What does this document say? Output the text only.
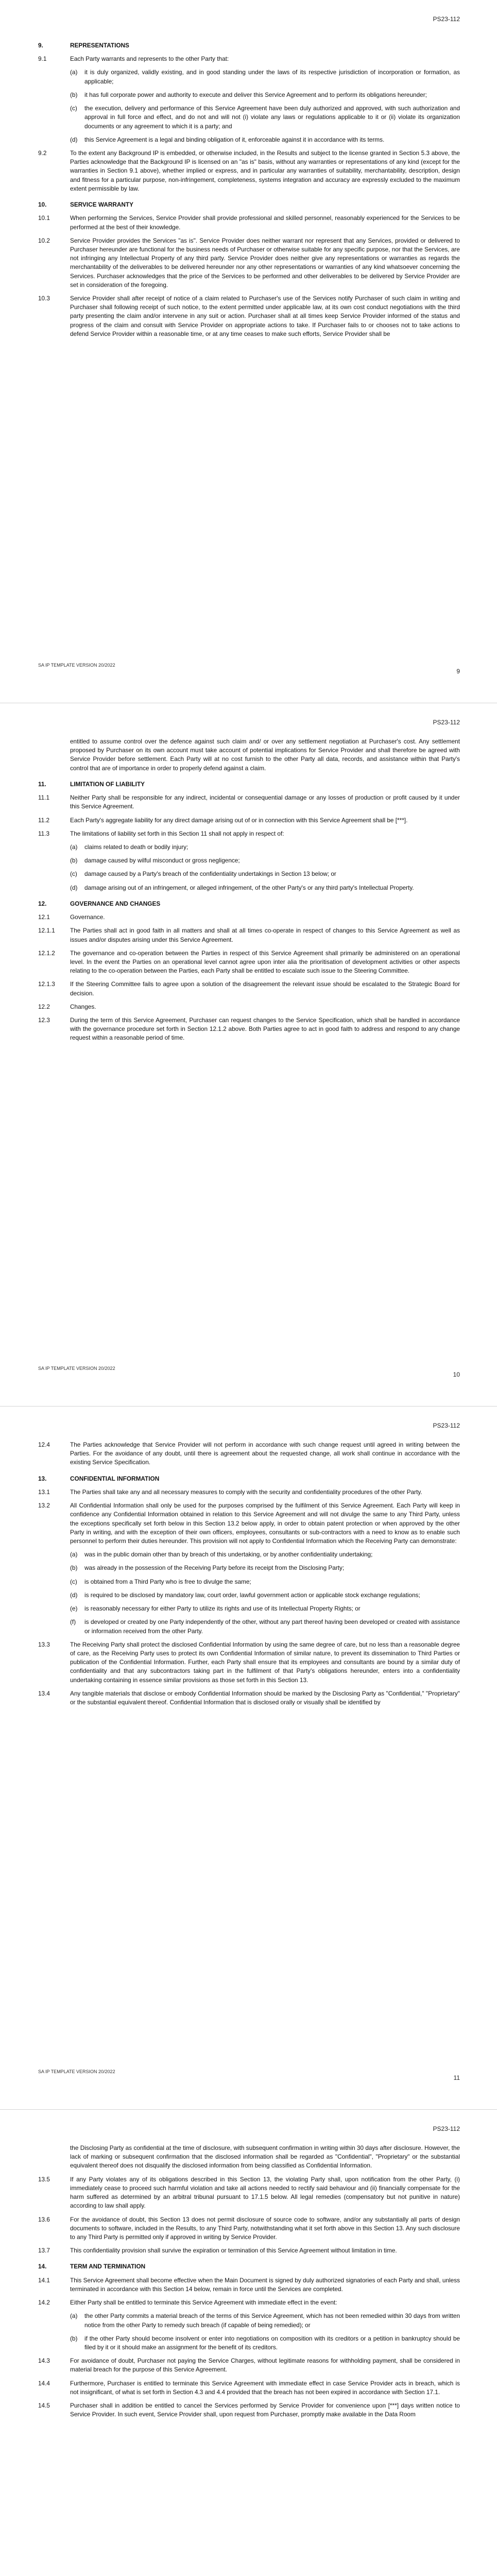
PS23-112
9.	REPRESENTATIONS
9.1	Each Party warrants and represents to the other Party that:
(a)	it is duly organized, validly existing, and in good standing under the laws of its respective jurisdiction of incorporation or formation, as applicable;
(b)	it has full corporate power and authority to execute and deliver this Service Agreement and to perform its obligations hereunder;
(c)	the execution, delivery and performance of this Service Agreement have been duly authorized and approved, with such authorization and approval in full force and effect, and do not and will not (i) violate any laws or regulations applicable to it or (ii) violate its organization documents or any agreement to which it is a party; and
(d)	this Service Agreement is a legal and binding obligation of it, enforceable against it in accordance with its terms.
9.2	To the extent any Background IP is embedded, or otherwise included, in the Results and subject to the license granted in Section 5.3 above, the Parties acknowledge that the Background IP is licensed on an "as is" basis, without any warranties or representations of any kind (except for the warranties in Section 9.1 above), whether implied or express, and in particular any warranties of suitability, merchantability, description, design and fitness for a particular purpose, non-infringement, completeness, systems integration and accuracy are expressly excluded to the maximum extent permissible by law.
10.	SERVICE WARRANTY
10.1	When performing the Services, Service Provider shall provide professional and skilled personnel, reasonably experienced for the Services to be performed at the best of their knowledge.
10.2	Service Provider provides the Services "as is". Service Provider does neither warrant nor represent that any Services, provided or delivered to Purchaser hereunder are functional for the business needs of Purchaser or otherwise suitable for any specific purpose, nor that the Services, are not infringing any Intellectual Property of any third party. Service Provider does neither give any representations or warranties as regards the merchantability of the deliverables to be delivered hereunder nor any other representations or warranties of any kind whatsoever concerning the Services. Purchaser acknowledges that the price of the Services to be performed and other deliverables to be delivered by Service Provider are set in consideration of the foregoing.
10.3	Service Provider shall after receipt of notice of a claim related to Purchaser's use of the Services notify Purchaser of such claim in writing and Purchaser shall following receipt of such notice, to the extent permitted under applicable law, at its own cost conduct negotiations with the third party presenting the claim and/or intervene in any suit or action. Purchaser shall at all times keep Service Provider informed of the status and progress of the claim and consult with Service Provider on appropriate actions to take. If Purchaser fails to or chooses not to take actions to defend Service Provider within a reasonable time, or at any time ceases to make such efforts, Service Provider shall be
SA IP TEMPLATE VERSION 20/2022
9
PS23-112
entitled to assume control over the defence against such claim and/ or over any settlement negotiation at Purchaser's cost. Any settlement proposed by Purchaser on its own account must take account of potential implications for Service Provider and shall therefore be agreed with Service Provider before settlement. Each Party will at no cost furnish to the other Party all data, records, and assistance within that Party's control that are of importance in order to properly defend against a claim.
11.	LIMITATION OF LIABILITY
11.1	Neither Party shall be responsible for any indirect, incidental or consequential damage or any losses of production or profit caused by it under this Service Agreement.
11.2	Each Party's aggregate liability for any direct damage arising out of or in connection with this Service Agreement shall be [***].
11.3	The limitations of liability set forth in this Section 11 shall not apply in respect of:
(a)	claims related to death or bodily injury;
(b)	damage caused by wilful misconduct or gross negligence;
(c)	damage caused by a Party's breach of the confidentiality undertakings in Section 13 below; or
(d)	damage arising out of an infringement, or alleged infringement, of the other Party's or any third party's Intellectual Property.
12.	GOVERNANCE AND CHANGES
12.1	Governance.
12.1.1	The Parties shall act in good faith in all matters and shall at all times co-operate in respect of changes to this Service Agreement as well as issues and/or disputes arising under this Service Agreement.
12.1.2	The governance and co-operation between the Parties in respect of this Service Agreement shall primarily be administered on an operational level. In the event the Parties on an operational level cannot agree upon inter alia the prioritisation of development activities or other aspects relating to the co-operation between the Parties, each Party shall be entitled to escalate such issue to the Steering Committee.
12.1.3	If the Steering Committee fails to agree upon a solution of the disagreement the relevant issue should be escalated to the Strategic Board for decision.
12.2	Changes.
12.3	During the term of this Service Agreement, Purchaser can request changes to the Service Specification, which shall be handled in accordance with the governance procedure set forth in Section 12.1.2 above. Both Parties agree to act in good faith to address and respond to any change request within a reasonable period of time.
SA IP TEMPLATE VERSION 20/2022
10
PS23-112
12.4	The Parties acknowledge that Service Provider will not perform in accordance with such change request until agreed in writing between the Parties. For the avoidance of any doubt, until there is agreement about the requested change, all work shall continue in accordance with the existing Service Specification.
13.	CONFIDENTIAL INFORMATION
13.1	The Parties shall take any and all necessary measures to comply with the security and confidentiality procedures of the other Party.
13.2	All Confidential Information shall only be used for the purposes comprised by the fulfilment of this Service Agreement. Each Party will keep in confidence any Confidential Information obtained in relation to this Service Agreement and will not divulge the same to any Third Party, unless the exceptions specifically set forth below in this Section 13.2 below apply, in order to obtain patent protection or when approved by the other Party in writing, and with the exception of their own officers, employees, consultants or sub-contractors with a need to know as to enable such personnel to perform their duties hereunder. This provision will not apply to Confidential Information which the Receiving Party can demonstrate:
(a)	was in the public domain other than by breach of this undertaking, or by another confidentiality undertaking;
(b)	was already in the possession of the Receiving Party before its receipt from the Disclosing Party;
(c)	is obtained from a Third Party who is free to divulge the same;
(d)	is required to be disclosed by mandatory law, court order, lawful government action or applicable stock exchange regulations;
(e)	is reasonably necessary for either Party to utilize its rights and use of its Intellectual Property Rights; or
(f)	is developed or created by one Party independently of the other, without any part thereof having been developed or created with assistance or information received from the other Party.
13.3	The Receiving Party shall protect the disclosed Confidential Information by using the same degree of care, but no less than a reasonable degree of care, as the Receiving Party uses to protect its own Confidential Information of similar nature, to prevent its dissemination to Third Parties or publication of the Confidential Information. Further, each Party shall ensure that its employees and consultants are bound by a similar duty of confidentiality and that any subcontractors taking part in the fulfilment of that Party's obligations hereunder, enters into a confidentiality undertaking containing in essence similar provisions as those set forth in this Section 13.
13.4	Any tangible materials that disclose or embody Confidential Information should be marked by the Disclosing Party as "Confidential," "Proprietary" or the substantial equivalent thereof. Confidential Information that is disclosed orally or visually shall be identified by
SA IP TEMPLATE VERSION 20/2022
11
PS23-112
the Disclosing Party as confidential at the time of disclosure, with subsequent confirmation in writing within 30 days after disclosure. However, the lack of marking or subsequent confirmation that the disclosed information shall be regarded as "Confidential", "Proprietary" or the substantial equivalent thereof does not disqualify the disclosed information from being classified as Confidential Information.
13.5	If any Party violates any of its obligations described in this Section 13, the violating Party shall, upon notification from the other Party, (i) immediately cease to proceed such harmful violation and take all actions needed to rectify said behaviour and (ii) financially compensate for the harm suffered as determined by an arbitral tribunal pursuant to 17.1.5 below. All legal remedies (compensatory but not punitive in nature) according to law shall apply.
13.6	For the avoidance of doubt, this Section 13 does not permit disclosure of source code to software, and/or any substantially all parts of design documents to software, included in the Results, to any Third Party, notwithstanding what it set forth above in this Section 13. Any such disclosure to any Third Party is permitted only if approved in writing by Service Provider.
13.7	This confidentiality provision shall survive the expiration or termination of this Service Agreement without limitation in time.
14.	TERM AND TERMINATION
14.1	This Service Agreement shall become effective when the Main Document is signed by duly authorized signatories of each Party and shall, unless terminated in accordance with this Section 14 below, remain in force until the Services are completed.
14.2	Either Party shall be entitled to terminate this Service Agreement with immediate effect in the event:
(a)	the other Party commits a material breach of the terms of this Service Agreement, which has not been remedied within 30 days from written notice from the other Party to remedy such breach (if capable of being remedied); or
(b)	if the other Party should become insolvent or enter into negotiations on composition with its creditors or a petition in bankruptcy should be filed by it or it should make an assignment for the benefit of its creditors.
14.3	For avoidance of doubt, Purchaser not paying the Service Charges, without legitimate reasons for withholding payment, shall be considered in material breach for the purpose of this Service Agreement.
14.4	Furthermore, Purchaser is entitled to terminate this Service Agreement with immediate effect in case Service Provider acts in breach, which is not insignificant, of what is set forth in Section 4.3 and 4.4 provided that the breach has not been expired in accordance with Section 17.1.
14.5	Purchaser shall in addition be entitled to cancel the Services performed by Service Provider for convenience upon [***] days written notice to Service Provider. In such event, Service Provider shall, upon request from Purchaser, promptly make available in the Data Room
